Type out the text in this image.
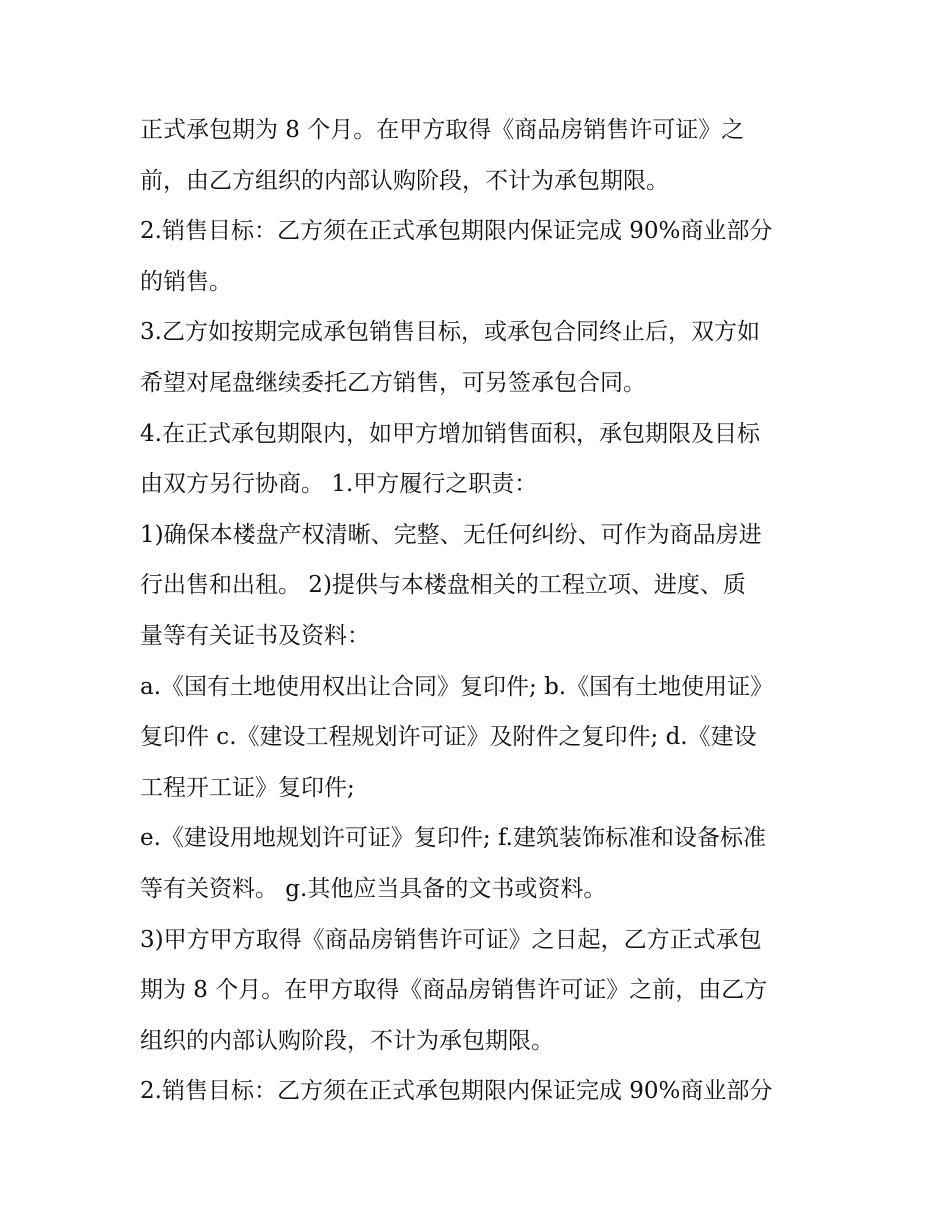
正式承包期为 8 个月。在甲方取得《商品房销售许可证》之
前，由乙方组织的内部认购阶段，不计为承包期限。
2.销售目标：乙方须在正式承包期限内保证完成 90%商业部分
的销售。
3.乙方如按期完成承包销售目标，或承包合同终止后，双方如
希望对尾盘继续委托乙方销售，可另签承包合同。
4.在正式承包期限内，如甲方增加销售面积，承包期限及目标
由双方另行协商。 1.甲方履行之职责：
1)确保本楼盘产权清晰、完整、无任何纠纷、可作为商品房进
行出售和出租。 2)提供与本楼盘相关的工程立项、进度、质
量等有关证书及资料：
a.《国有土地使用权出让合同》复印件; b.《国有土地使用证》
复印件 c.《建设工程规划许可证》及附件之复印件; d.《建设
工程开工证》复印件;
e.《建设用地规划许可证》复印件; f.建筑装饰标准和设备标准
等有关资料。 g.其他应当具备的文书或资料。
3)甲方甲方取得《商品房销售许可证》之日起，乙方正式承包
期为 8 个月。在甲方取得《商品房销售许可证》之前，由乙方
组织的内部认购阶段，不计为承包期限。
2.销售目标：乙方须在正式承包期限内保证完成 90%商业部分
